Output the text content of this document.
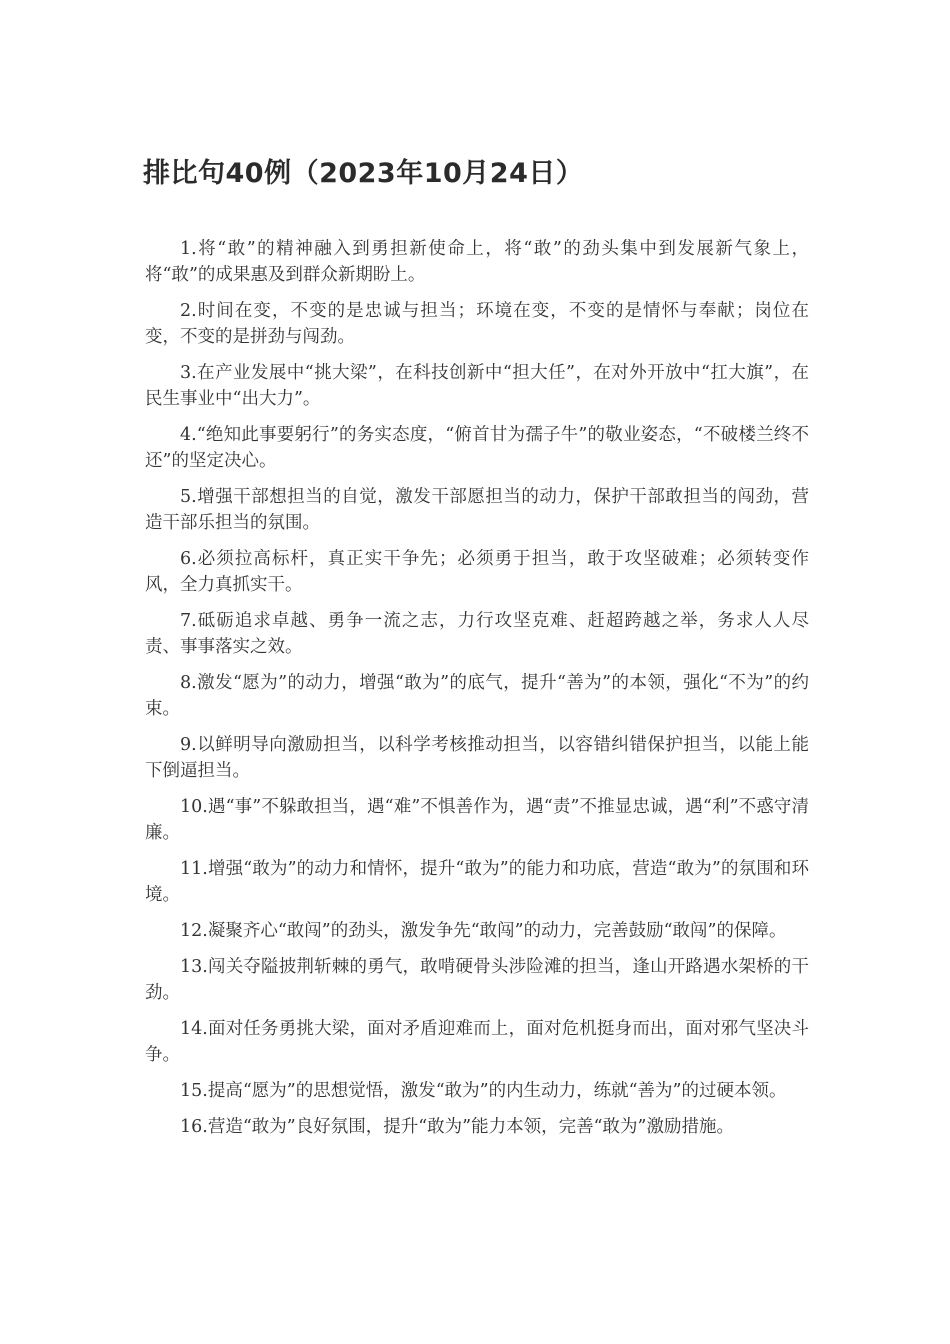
排比句40例（2023年10月24日）

1.将“敢”的精神融入到勇担新使命上，将“敢”的劲头集中到发展新气象上，将“敢”的成果惠及到群众新期盼上。

2.时间在变，不变的是忠诚与担当；环境在变，不变的是情怀与奉献；岗位在变，不变的是拼劲与闯劲。

3.在产业发展中“挑大梁”，在科技创新中“担大任”，在对外开放中“扛大旗”，在民生事业中“出大力”。

4.“绝知此事要躬行”的务实态度，“俯首甘为孺子牛”的敬业姿态，“不破楼兰终不还”的坚定决心。

5.增强干部想担当的自觉，激发干部愿担当的动力，保护干部敢担当的闯劲，营造干部乐担当的氛围。

6.必须拉高标杆，真正实干争先；必须勇于担当，敢于攻坚破难；必须转变作风，全力真抓实干。

7.砥砺追求卓越、勇争一流之志，力行攻坚克难、赶超跨越之举，务求人人尽责、事事落实之效。

8.激发“愿为”的动力，增强“敢为”的底气，提升“善为”的本领，强化“不为”的约束。

9.以鲜明导向激励担当，以科学考核推动担当，以容错纠错保护担当，以能上能下倒逼担当。

10.遇“事”不躲敢担当，遇“难”不惧善作为，遇“责”不推显忠诚，遇“利”不惑守清廉。

11.增强“敢为”的动力和情怀，提升“敢为”的能力和功底，营造“敢为”的氛围和环境。

12.凝聚齐心“敢闯”的劲头，激发争先“敢闯”的动力，完善鼓励“敢闯”的保障。

13.闯关夺隘披荆斩棘的勇气，敢啃硬骨头涉险滩的担当，逢山开路遇水架桥的干劲。

14.面对任务勇挑大梁，面对矛盾迎难而上，面对危机挺身而出，面对邪气坚决斗争。

15.提高“愿为”的思想觉悟，激发“敢为”的内生动力，练就“善为”的过硬本领。

16.营造“敢为”良好氛围，提升“敢为”能力本领，完善“敢为”激励措施。
